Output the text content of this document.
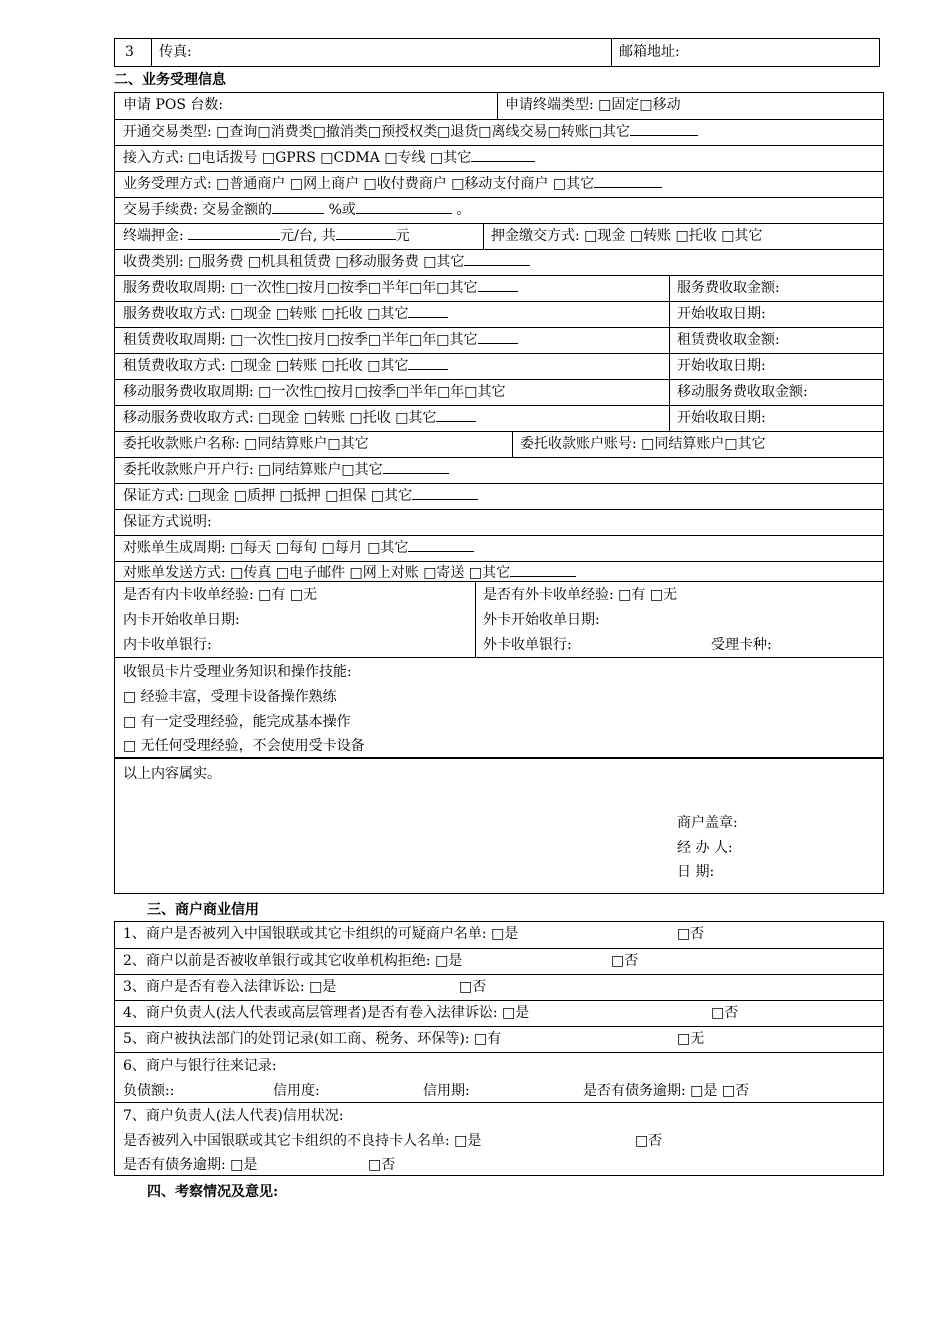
3	传真:	邮箱地址:
二、业务受理信息
申请 POS 台数:	申请终端类型: □固定□移动
开通交易类型: □查询□消费类□撤消类□预授权类□退货□离线交易□转账□其它
接入方式: □电话拨号 □GPRS □CDMA □专线 □其它
业务受理方式: □普通商户 □网上商户 □收付费商户 □移动支付商户 □其它
交易手续费: 交易金额的	%或	。
终端押金:	元/台, 共	元	押金缴交方式: □现金 □转账 □托收 □其它
收费类别: □服务费 □机具租赁费 □移动服务费 □其它
服务费收取周期: □一次性□按月□按季□半年□年□其它	服务费收取金额:
服务费收取方式: □现金 □转账 □托收 □其它	开始收取日期:
租赁费收取周期: □一次性□按月□按季□半年□年□其它	租赁费收取金额:
租赁费收取方式: □现金 □转账 □托收 □其它	开始收取日期:
移动服务费收取周期: □一次性□按月□按季□半年□年□其它	移动服务费收取金额:
移动服务费收取方式: □现金 □转账 □托收 □其它	开始收取日期:
委托收款账户名称: □同结算账户□其它	委托收款账户账号: □同结算账户□其它
委托收款账户开户行: □同结算账户□其它
保证方式: □现金 □质押 □抵押 □担保 □其它
保证方式说明:
对账单生成周期: □每天 □每旬 □每月 □其它
对账单发送方式: □传真 □电子邮件 □网上对账 □寄送 □其它
是否有内卡收单经验: □有 □无
内卡开始收单日期:
内卡收单银行:
是否有外卡收单经验: □有 □无
外卡开始收单日期:
外卡收单银行:	受理卡种:
收银员卡片受理业务知识和操作技能:
□ 经验丰富，受理卡设备操作熟练
□ 有一定受理经验，能完成基本操作
□ 无任何受理经验，不会使用受卡设备
以上内容属实。
商户盖章:
经 办 人:
日 期:
三、商户商业信用
1、商户是否被列入中国银联或其它卡组织的可疑商户名单: □是	□否
2、商户以前是否被收单银行或其它收单机构拒绝: □是	□否
3、商户是否有卷入法律诉讼: □是	□否
4、商户负责人(法人代表或高层管理者)是否有卷入法律诉讼: □是	□否
5、商户被执法部门的处罚记录(如工商、税务、环保等): □有	□无
6、商户与银行往来记录:
负债额::	信用度:	信用期:	是否有债务逾期: □是 □否
7、商户负责人(法人代表)信用状况:
是否被列入中国银联或其它卡组织的不良持卡人名单: □是	□否
是否有债务逾期: □是	□否
四、考察情况及意见:
